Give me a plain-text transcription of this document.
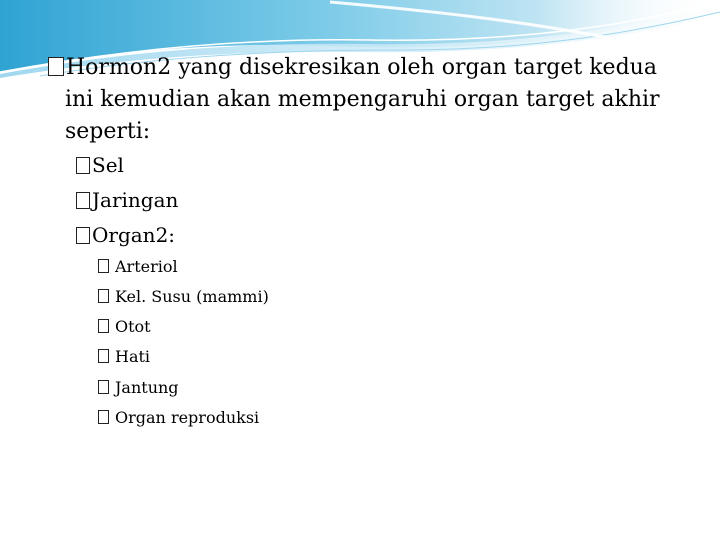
Hormon2 yang disekresikan oleh organ target kedua
ini kemudian akan mempengaruhi organ target akhir
seperti:
Sel
Jaringan
Organ2:
Arteriol
Kel. Susu (mammi)
Otot
Hati
Jantung
Organ reproduksi
